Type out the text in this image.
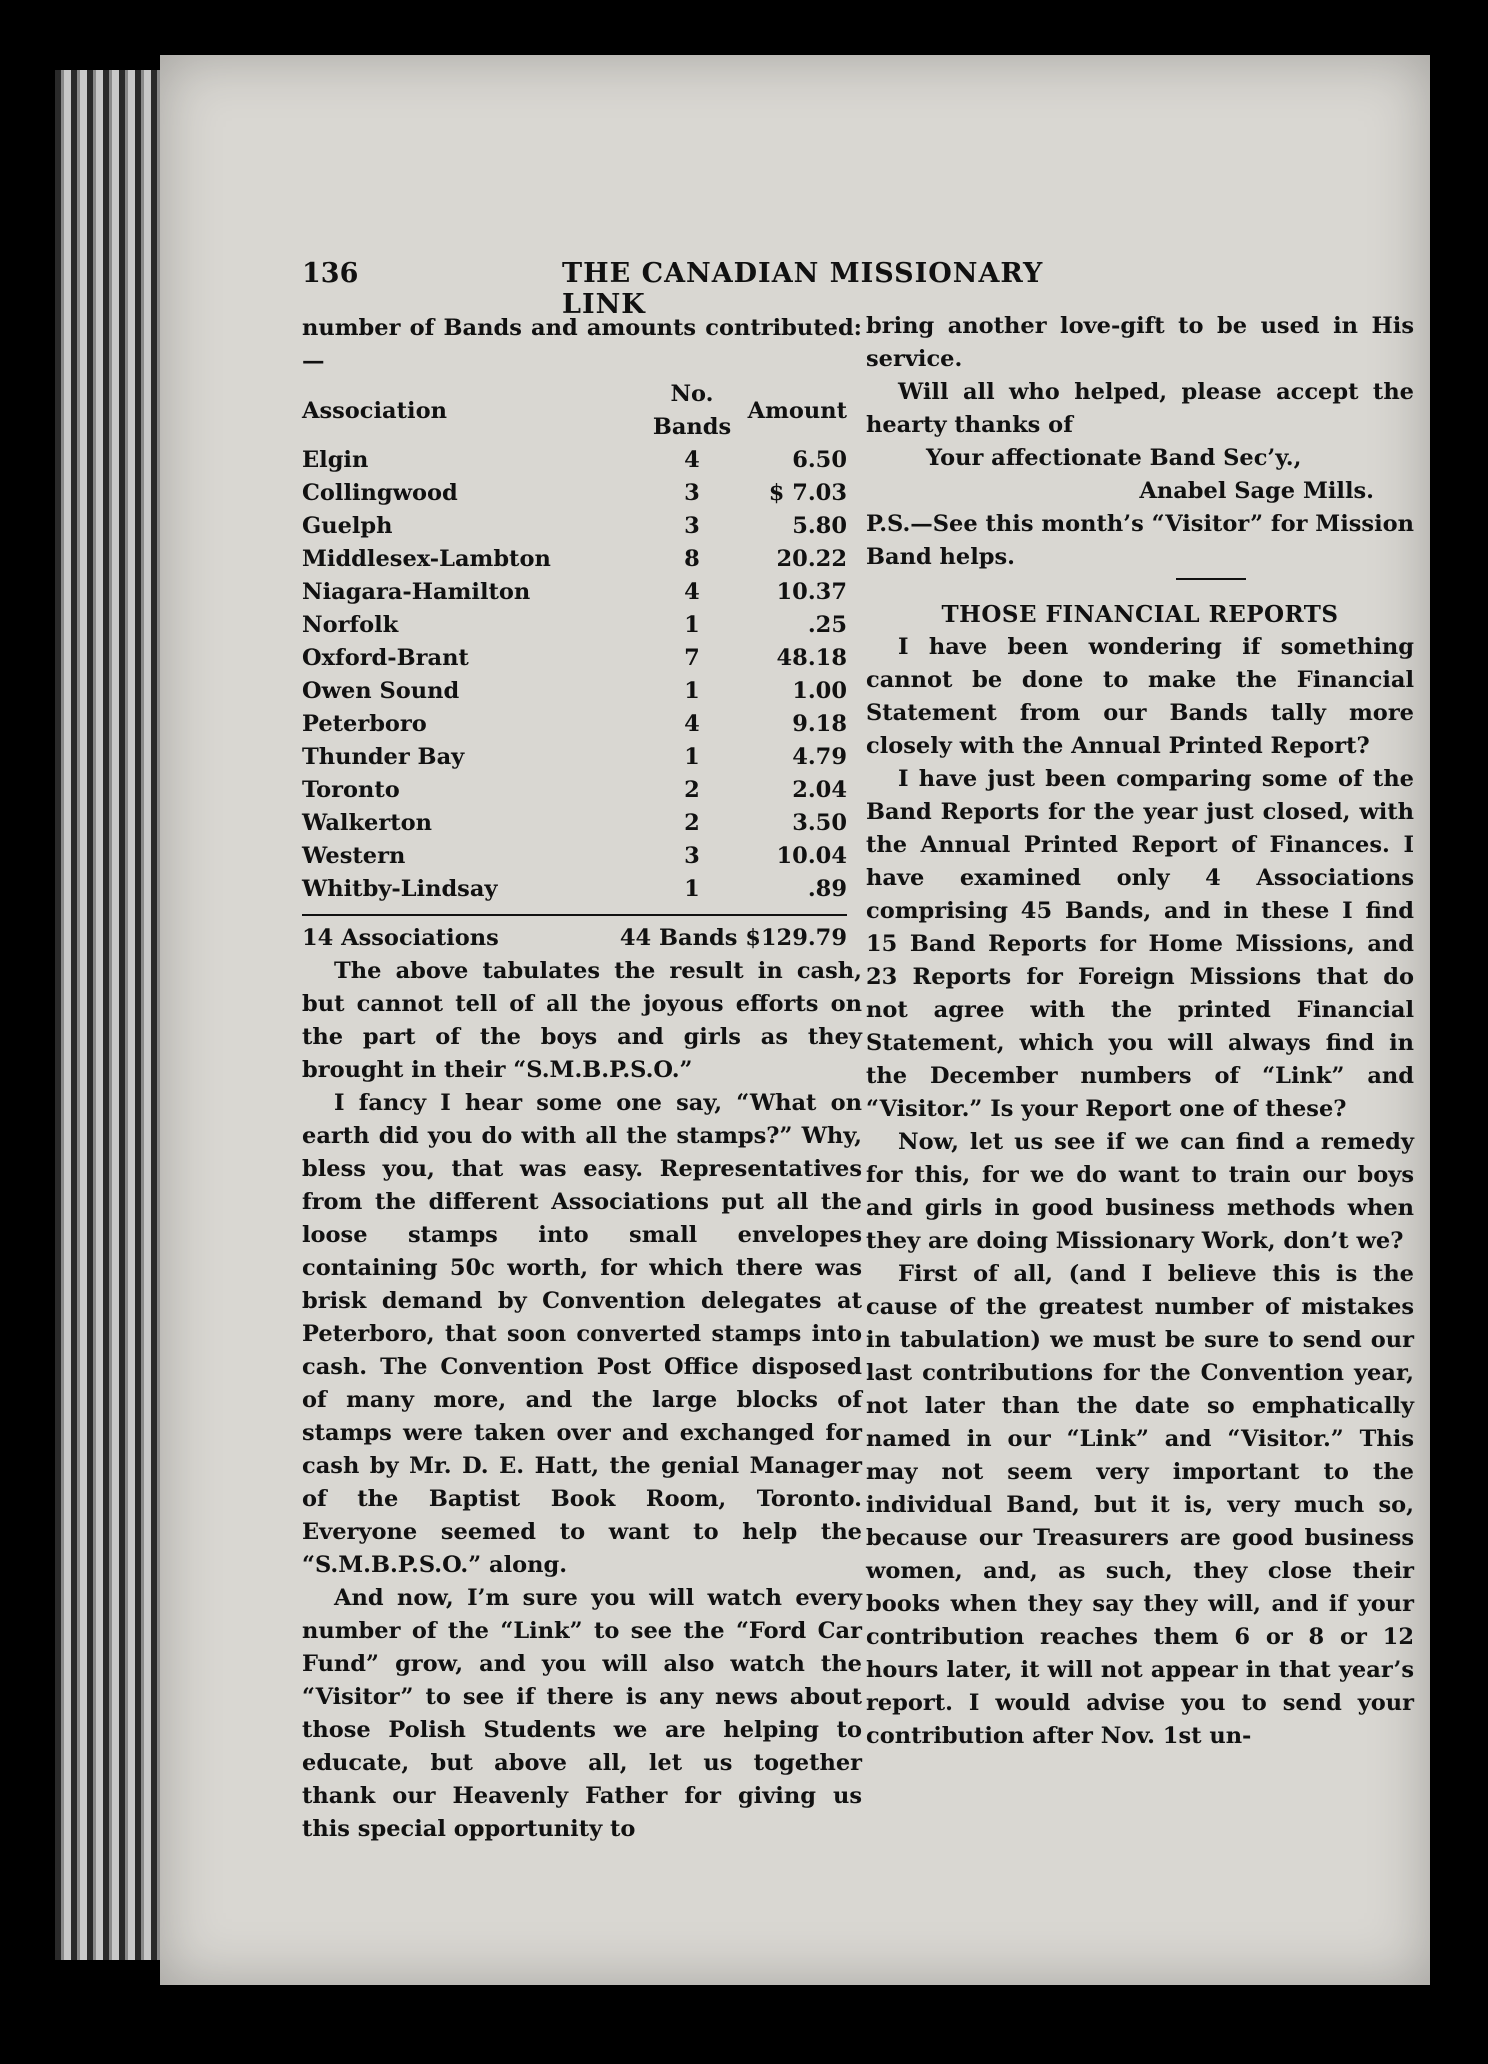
136	THE CANADIAN MISSIONARY LINK

number of Bands and amounts contributed:—

Association	No. Bands	Amount
Elgin	4	6.50
Collingwood	3	$ 7.03
Guelph	3	5.80
Middlesex-Lambton	8	20.22
Niagara-Hamilton	4	10.37
Norfolk	1	.25
Oxford-Brant	7	48.18
Owen Sound	1	1.00
Peterboro	4	9.18
Thunder Bay	1	4.79
Toronto	2	2.04
Walkerton	2	3.50
Western	3	10.04
Whitby-Lindsay	1	.89
14 Associations	44 Bands $129.79

The above tabulates the result in cash, but cannot tell of all the joyous efforts on the part of the boys and girls as they brought in their “S.M.B.P.S.O.”

I fancy I hear some one say, “What on earth did you do with all the stamps?” Why, bless you, that was easy. Representatives from the different Associations put all the loose stamps into small envelopes containing 50c worth, for which there was brisk demand by Convention delegates at Peterboro, that soon converted stamps into cash. The Convention Post Office disposed of many more, and the large blocks of stamps were taken over and exchanged for cash by Mr. D. E. Hatt, the genial Manager of the Baptist Book Room, Toronto. Everyone seemed to want to help the “S.M.B.P.S.O.” along.

And now, I’m sure you will watch every number of the “Link” to see the “Ford Car Fund” grow, and you will also watch the “Visitor” to see if there is any news about those Polish Students we are helping to educate, but above all, let us together thank our Heavenly Father for giving us this special opportunity to

bring another love-gift to be used in His service.

Will all who helped, please accept the hearty thanks of

Your affectionate Band Sec’y.,

Anabel Sage Mills.

P.S.—See this month’s “Visitor” for Mission Band helps.

THOSE FINANCIAL REPORTS

I have been wondering if something cannot be done to make the Financial Statement from our Bands tally more closely with the Annual Printed Report?

I have just been comparing some of the Band Reports for the year just closed, with the Annual Printed Report of Finances. I have examined only 4 Associations comprising 45 Bands, and in these I find 15 Band Reports for Home Missions, and 23 Reports for Foreign Missions that do not agree with the printed Financial Statement, which you will always find in the December numbers of “Link” and “Visitor.” Is your Report one of these?

Now, let us see if we can find a remedy for this, for we do want to train our boys and girls in good business methods when they are doing Missionary Work, don’t we?

First of all, (and I believe this is the cause of the greatest number of mistakes in tabulation) we must be sure to send our last contributions for the Convention year, not later than the date so emphatically named in our “Link” and “Visitor.” This may not seem very important to the individual Band, but it is, very much so, because our Treasurers are good business women, and, as such, they close their books when they say they will, and if your contribution reaches them 6 or 8 or 12 hours later, it will not appear in that year’s report. I would advise you to send your contribution after Nov. 1st un-
